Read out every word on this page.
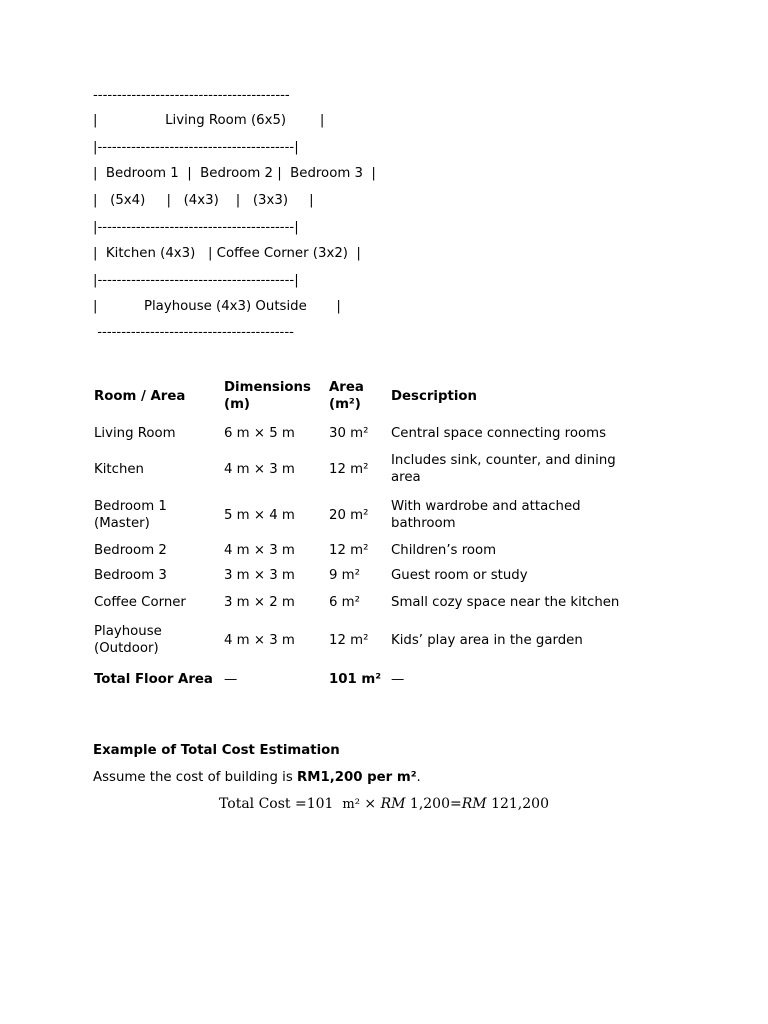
-----------------------------------------
|                Living Room (6x5)        |
|-----------------------------------------|
|  Bedroom 1  |  Bedroom 2 |  Bedroom 3  |
|   (5x4)     |   (4x3)    |   (3x3)     |
|-----------------------------------------|
|  Kitchen (4x3)   | Coffee Corner (3x2)  |
|-----------------------------------------|
|           Playhouse (4x3) Outside       |
-----------------------------------------
Room / Area	Dimensions (m)	Area (m²)	Description
Living Room	6 m × 5 m	30 m²	Central space connecting rooms
Kitchen	4 m × 3 m	12 m²	Includes sink, counter, and dining area
Bedroom 1 (Master)	5 m × 4 m	20 m²	With wardrobe and attached bathroom
Bedroom 2	4 m × 3 m	12 m²	Children’s room
Bedroom 3	3 m × 3 m	9 m²	Guest room or study
Coffee Corner	3 m × 2 m	6 m²	Small cozy space near the kitchen
Playhouse (Outdoor)	4 m × 3 m	12 m²	Kids’ play area in the garden
Total Floor Area	—	101 m²	—
Example of Total Cost Estimation
Assume the cost of building is RM1,200 per m².
Total Cost =101 m² × RM 1,200=RM 121,200
